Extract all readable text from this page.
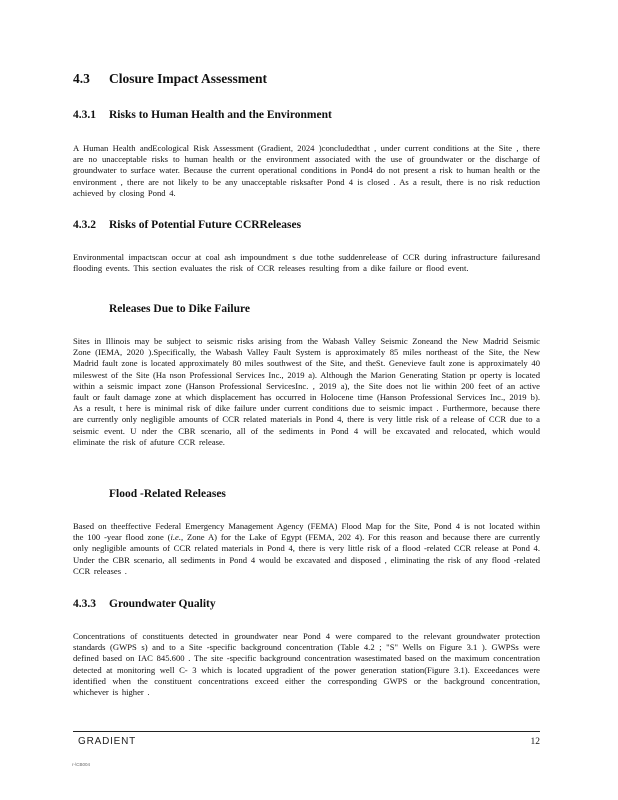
4.3 Closure Impact Assessment
4.3.1 Risks to Human Health and the Environment

A Human Health andEcological Risk Assessment (Gradient, 2024 )concludedthat , under current conditions at the Site , there are no unacceptable risks to human health or the environment associated with the use of groundwater or the discharge of groundwater to surface water. Because the current operational conditions in Pond4 do not present a risk to human health or the environment , there are not likely to be any unacceptable risksafter Pond 4 is closed . As a result, there is no risk reduction achieved by closing Pond 4.

4.3.2 Risks of Potential Future CCRReleases

Environmental impactscan occur at coal ash impoundment s due tothe suddenrelease of CCR during infrastructure failuresand flooding events. This section evaluates the risk of CCR releases resulting from a dike failure or flood event.

Releases Due to Dike Failure

Sites in Illinois may be subject to seismic risks arising from the Wabash Valley Seismic Zoneand the New Madrid Seismic Zone (IEMA, 2020 ).Specifically, the Wabash Valley Fault System is approximately 85 miles northeast of the Site, the New Madrid fault zone is located approximately 80 miles southwest of the Site, and theSt. Genevieve fault zone is approximately 40 mileswest of the Site (Ha nson Professional Services Inc., 2019 a). Although the Marion Generating Station pr operty is located within a seismic impact zone (Hanson Professional ServicesInc. , 2019 a), the Site does not lie within 200 feet of an active fault or fault damage zone at which displacement has occurred in Holocene time (Hanson Professional Services Inc., 2019 b). As a result, t here is minimal risk of dike failure under current conditions due to seismic impact . Furthermore, because there are currently only negligible amounts of CCR related materials in Pond 4, there is very little risk of a release of CCR due to a seismic event. U nder the CBR scenario, all of the sediments in Pond 4 will be excavated and relocated, which would eliminate the risk of afuture CCR release.

Flood -Related Releases

Based on theeffective Federal Emergency Management Agency (FEMA) Flood Map for the Site, Pond 4 is not located within the 100 -year flood zone (i.e., Zone A) for the Lake of Egypt (FEMA, 202 4). For this reason and because there are currently only negligible amounts of CCR related materials in Pond 4, there is very little risk of a flood -related CCR release at Pond 4. Under the CBR scenario, all sediments in Pond 4 would be excavated and disposed , eliminating the risk of any flood -related CCR releases .

4.3.3 Groundwater Quality

Concentrations of constituents detected in groundwater near Pond 4 were compared to the relevant groundwater protection standards (GWPS s) and to a Site -specific background concentration (Table 4.2 ; "S" Wells on Figure 3.1 ). GWPSs were defined based on IAC 845.600 . The site -specific background concentration wasestimated based on the maximum concentration detected at monitoring well C- 3 which is located upgradient of the power generation station(Figure 3.1). Exceedances were identified when the constituent concentrations exceed either the corresponding GWPS or the background concentration, whichever is higher .

GRADIENT	12
r-\CB004
